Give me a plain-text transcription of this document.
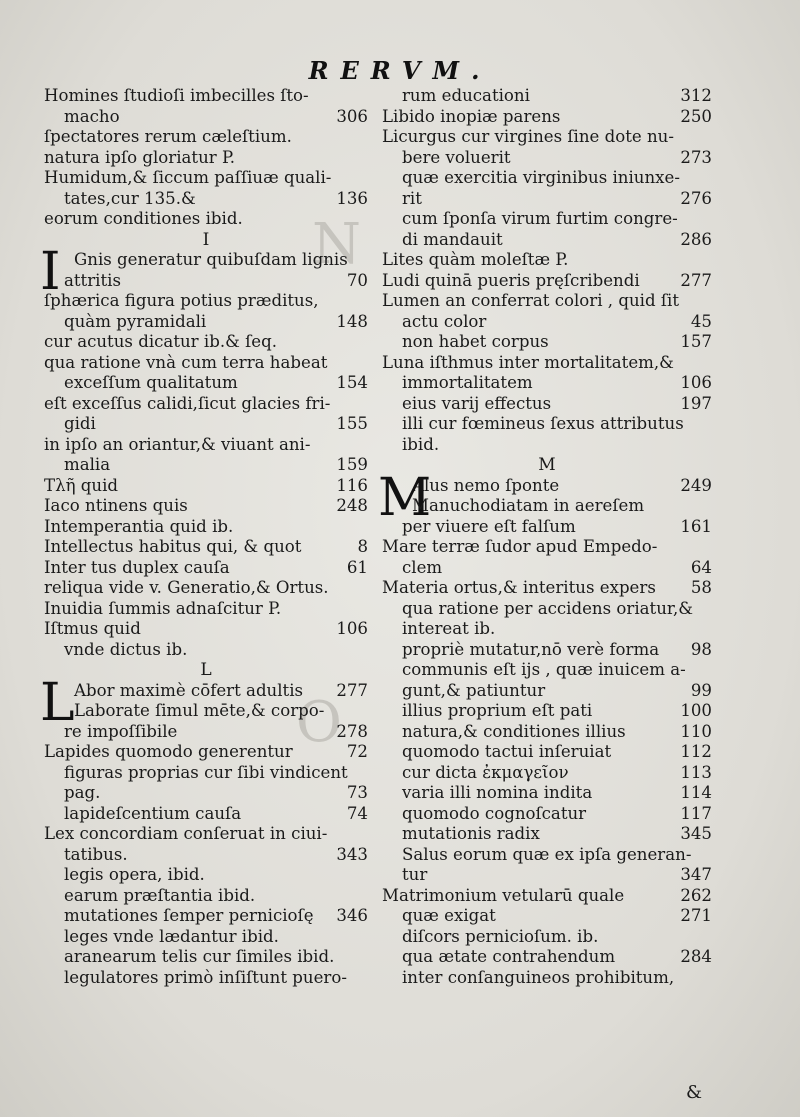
N
O
RERVM.
Homines ſtudioſi imbecilles ſto-
macho	306
ſpectatores rerum cæleſtium.
natura ipſo gloriatur P.
Humidum,& ſiccum paſſiuæ quali-
tates,cur 135.&	136
eorum conditiones ibid.
I
Gnis generatur quibuſdam lignis
I attritis	70
ſphærica figura potius præditus,
quàm pyramidali	148
cur acutus dicatur ib.& ſeq.
qua ratione vnà cum terra habeat
exceſſum qualitatum	154
eſt exceſſus calidi,ſicut glacies fri-
gidi	155
in ipſo an oriantur,& viuant ani-
malia	159
Τλῆ quid	116
Iaco ntinens quis	248
Intemperantia quid ib.
Intellectus habitus qui, & quot	8
Inter tus duplex cauſa	61
reliqua vide v. Generatio,& Ortus.
Inuidia ſummis adnaſcitur P.
Iſtmus quid	106
vnde dictus ib.
L
Abor maximè cōfert adultis 277
L Laborate ſimul mēte,& corpo-
re impoſſibile	278
Lapides quomodo generentur	72
figuras proprias cur ſibi vindicent
pag.	73
lapideſcentium cauſa	74
Lex concordiam conſeruat in ciui-
tatibus.	343
legis opera, ibid.
earum præſtantia ibid.
mutationes ſemper pernicioſę 346
leges vnde lædantur ibid.
aranearum telis cur ſimiles ibid.
legulatores primò inſiſtunt puero-
rum educationi	312
Libido inopiæ parens	250
Licurgus cur virgines ſine dote nu-
bere voluerit	273
quæ exercitia virginibus iniunxe-
rit	276
cum ſponſa virum furtim congre-
di mandauit	286
Lites quàm moleſtæ P.
Ludi quinā pueris pręſcribendi 277
Lumen an conferrat colori , quid ſit
actu color	45
non habet corpus	157
Luna iſthmus inter mortalitatem,&
immortalitatem	106
eius varij effectus	197
illi cur fœmineus ſexus attributus
ibid.
M
Alus nemo ſponte	249
M
Manuchodiatam in aereſem
per viuere eſt falſum	161
Mare terræ ſudor apud Empedo-
clem	64
Materia ortus,& interitus expers 58
qua ratione per accidens oriatur,&
intereat ib.
propriè mutatur,nō verè forma 98
communis eſt ijs , quæ inuicem a-
gunt,& patiuntur	99
illius proprium eſt pati	100
natura,& conditiones illius	110
quomodo tactui inſeruiat	112
cur dicta ἐκμαγεῖον	113
varia illi nomina indita	114
quomodo cognoſcatur	117
mutationis radix	345
Salus eorum quæ ex ipſa generan-
tur	347
Matrimonium vetularū quale	262
quæ exigat	271
diſcors pernicioſum. ib.
qua ætate contrahendum	284
inter conſanguineos prohibitum,
&
